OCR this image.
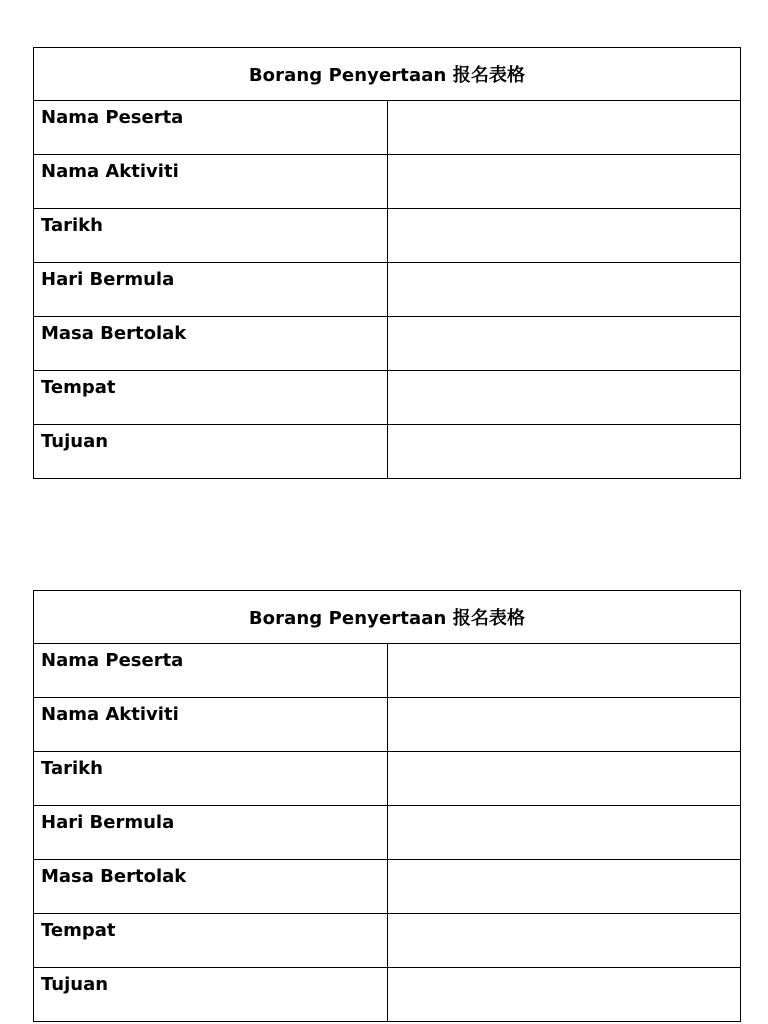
Borang Penyertaan 报名表格	
Nama Peserta	
Nama Aktiviti	
Tarikh	
Hari Bermula	
Masa Bertolak	
Tempat	
Tujuan	
Borang Penyertaan 报名表格	
Nama Peserta	
Nama Aktiviti	
Tarikh	
Hari Bermula	
Masa Bertolak	
Tempat	
Tujuan	
